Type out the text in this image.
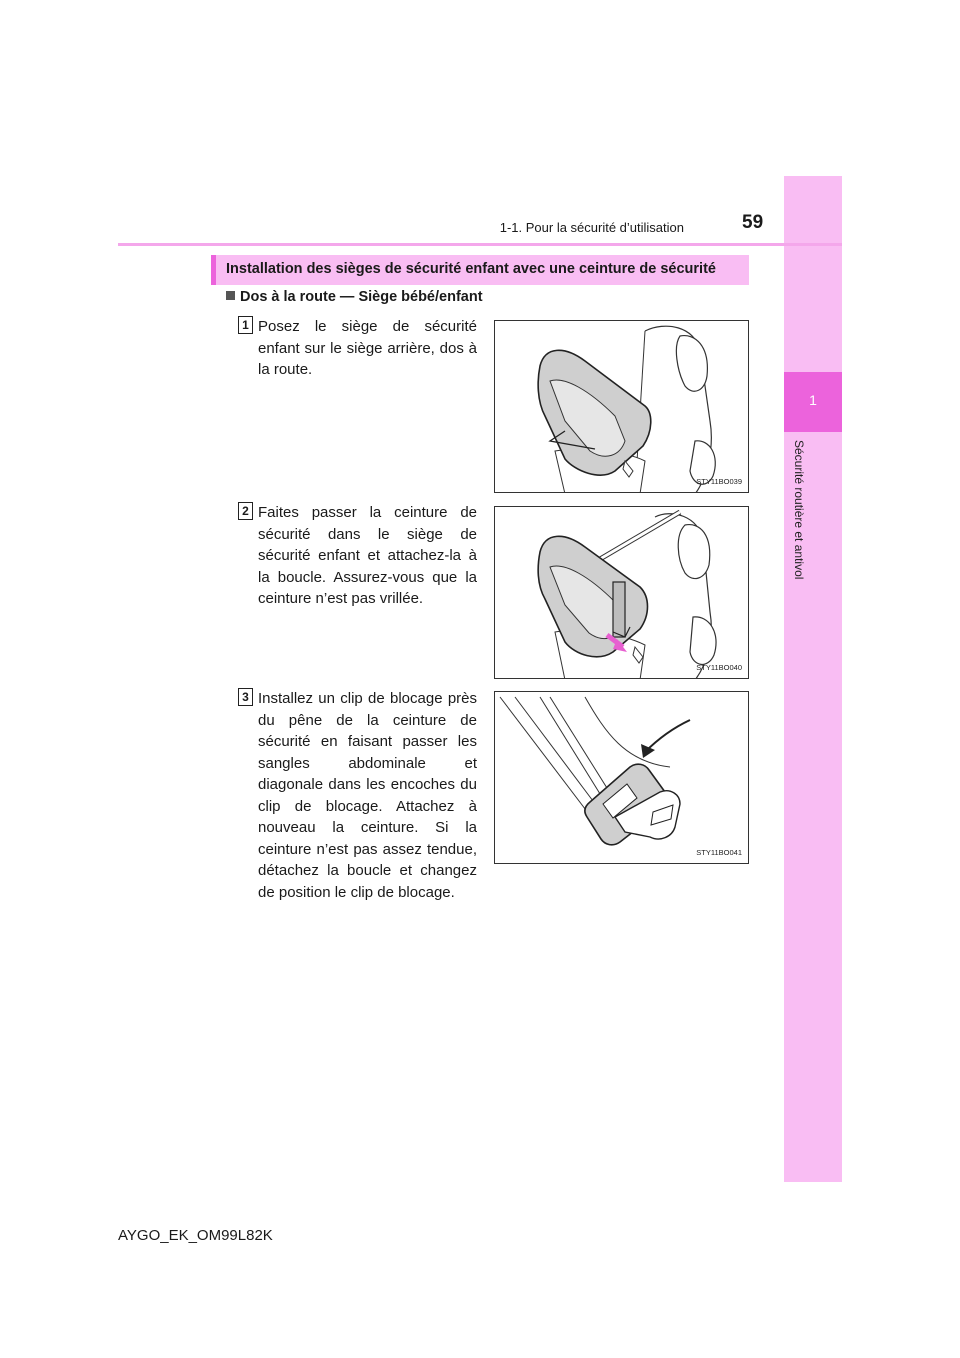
1
Sécurité routière et antivol
1-1. Pour la sécurité d’utilisation	59
Installation des sièges de sécurité enfant avec une ceinture de sécurité
Dos à la route — Siège bébé/enfant
1 Posez le siège de sécurité enfant sur le siège arrière, dos à la route.
STY11BO039
2 Faites passer la ceinture de sécurité dans le siège de sécurité enfant et attachez-la à la boucle. Assurez-vous que la ceinture n’est pas vrillée.
STY11BO040
3 Installez un clip de blocage près du pêne de la ceinture de sécurité en faisant passer les sangles abdominale et diagonale dans les encoches du clip de blocage. Attachez à nouveau la ceinture. Si la ceinture n’est pas assez tendue, détachez la boucle et changez de position le clip de blocage.
STY11BO041
AYGO_EK_OM99L82K
